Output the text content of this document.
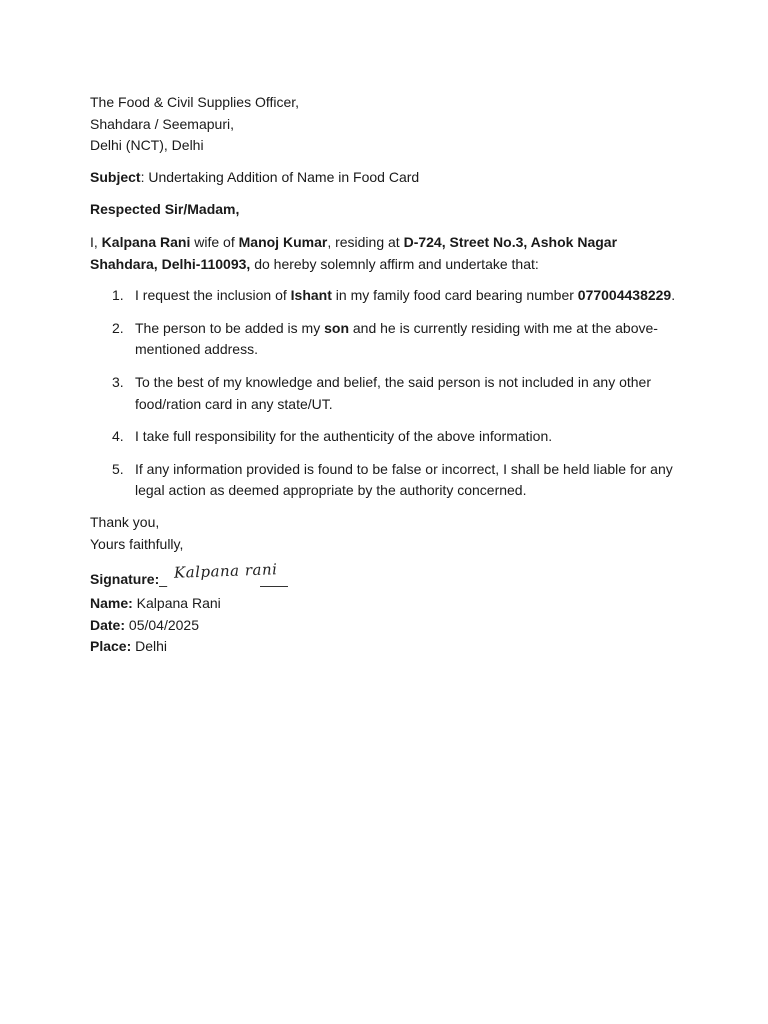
The Food & Civil Supplies Officer,
Shahdara / Seemapuri,
Delhi (NCT), Delhi
Subject: Undertaking Addition of Name in Food Card
Respected Sir/Madam,
I, Kalpana Rani wife of Manoj Kumar, residing at D-724, Street No.3, Ashok Nagar Shahdara, Delhi-110093, do hereby solemnly affirm and undertake that:
1. I request the inclusion of Ishant in my family food card bearing number 077004438229.
2. The person to be added is my son and he is currently residing with me at the above-mentioned address.
3. To the best of my knowledge and belief, the said person is not included in any other food/ration card in any state/UT.
4. I take full responsibility for the authenticity of the above information.
5. If any information provided is found to be false or incorrect, I shall be held liable for any legal action as deemed appropriate by the authority concerned.
Thank you,
Yours faithfully,
Signature:_ Kalpana rani
Name: Kalpana Rani
Date: 05/04/2025
Place: Delhi
